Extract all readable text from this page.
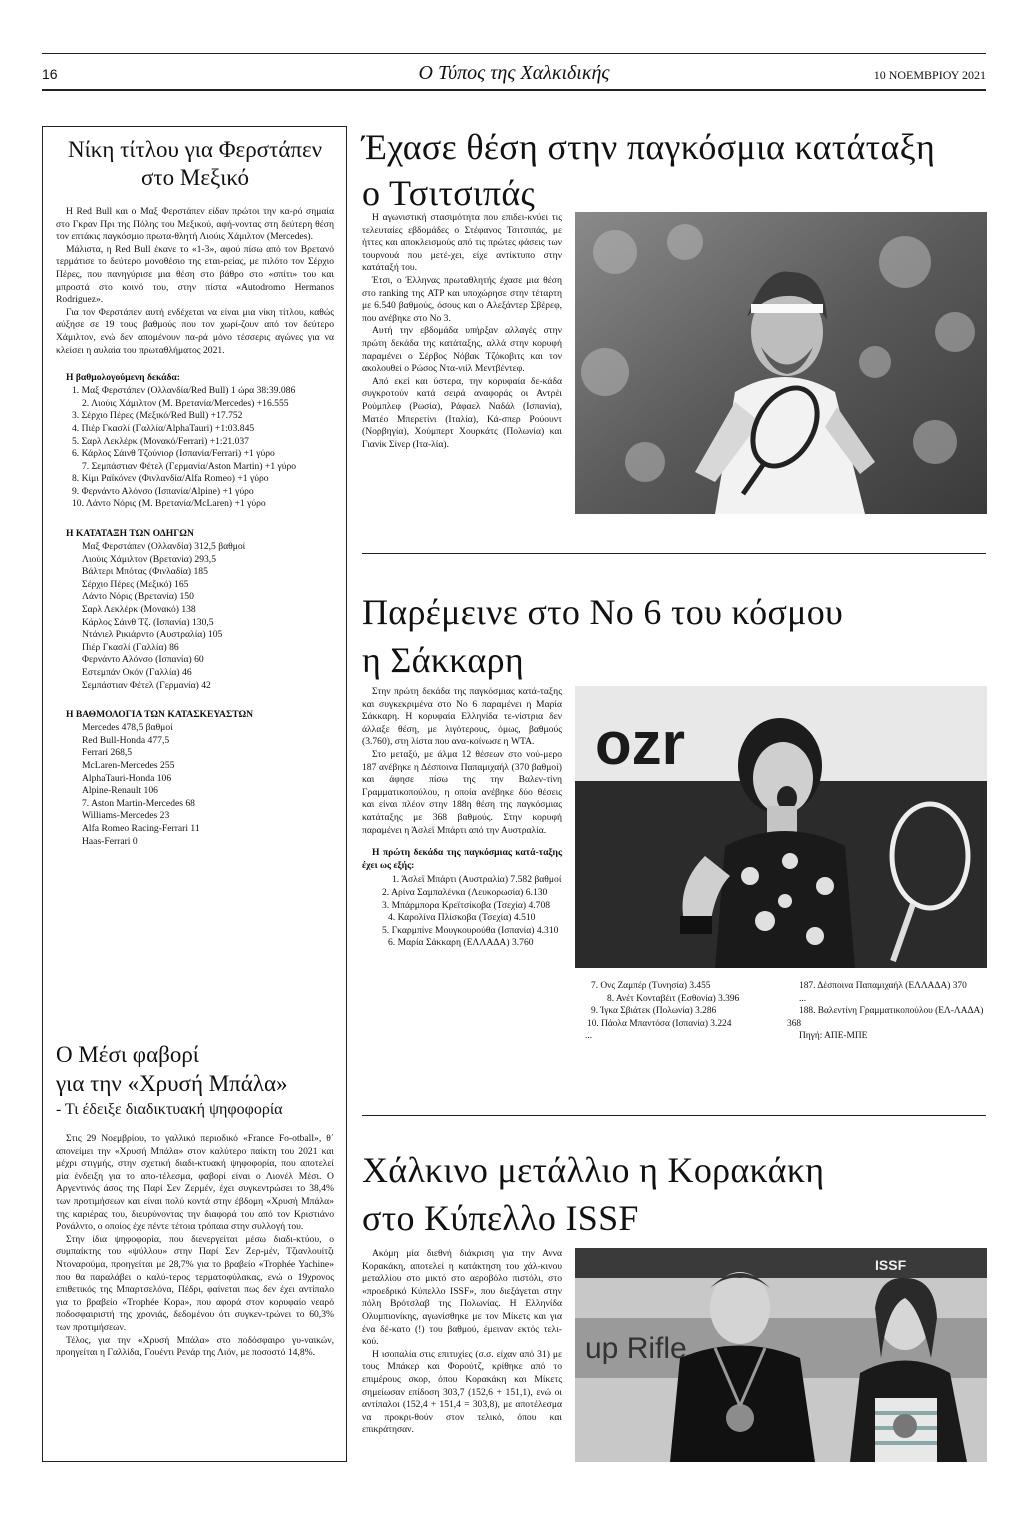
16	Ο Τύπος της Χαλκιδικής	10 ΝΟΕΜΒΡΙΟΥ 2021
Νίκη τίτλου για Φερστάπεν
στο Μεξικό

Η Red Bull και ο Μαξ Φερστάπεν είδαν πρώτοι την κα-ρό σημαία στο Γκραν Πρι της Πόλης του Μεξικού, αφή-νοντας στη δεύτερη θέση τον επτάκις παγκόσμιο πρωτα-θλητή Λιούις Χάμιλτον (Mercedes).

Μάλιστα, η Red Bull έκανε το «1-3», αφού πίσω από τον Βρετανό τερμάτισε το δεύτερο μονοθέσιο της εται-ρείας, με πιλότο τον Σέρχιο Πέρες, που πανηγύρισε μια θέση στο βάθρο στο «σπίτι» του και μπροστά στο κοινό του, στην πίστα «Autodromo Hermanos Rodriguez».

Για τον Φερστάπεν αυτή ενδέχεται να είναι μια νίκη τίτλου, καθώς αύξησε σε 19 τους βαθμούς που τον χωρί-ζουν από τον δεύτερο Χάμιλτον, ενώ δεν απομένουν πα-ρά μόνο τέσσερις αγώνες για να κλείσει η αυλαία του πρωταθλήματος 2021.

Η βαθμολογούμενη δεκάδα:

1. Μαξ Φερστάπεν (Ολλανδία/Red Bull) 1 ώρα 38:39.086

2. Λιούις Χάμιλτον (Μ. Βρετανία/Mercedes) +16.555

3. Σέρχιο Πέρες (Μεξικό/Red Bull) +17.752

4. Πιέρ Γκασλί (Γαλλία/AlphaTauri) +1:03.845

5. Σαρλ Λεκλέρκ (Μονακό/Ferrari) +1:21.037

6. Κάρλος Σάινθ Τζούνιορ (Ισπανία/Ferrari) +1 γύρο

7. Σεμπάστιαν Φέτελ (Γερμανία/Aston Martin) +1 γύρο

8. Κίμι Ραϊκόνεν (Φινλανδία/Alfa Romeo) +1 γύρο

9. Φερνάντο Αλόνσο (Ισπανία/Alpine) +1 γύρο

10. Λάντο Νόρις (Μ. Βρετανία/McLaren) +1 γύρο

Η ΚΑΤΑΤΑΞΗ ΤΩΝ ΟΔΗΓΩΝ

Μαξ Φερστάπεν (Ολλανδία) 312,5 βαθμοί

Λιούις Χάμιλτον (Βρετανία) 293,5

Βάλτερι Μπότας (Φινλαδία) 185

Σέρχιο Πέρες (Μεξικό) 165

Λάντο Νόρις (Βρετανία) 150

Σαρλ Λεκλέρκ (Μονακό) 138

Κάρλος Σάινθ Τζ. (Ισπανία) 130,5

Ντάνιελ Ρικιάρντο (Αυστραλία) 105

Πιέρ Γκασλί (Γαλλία) 86

Φερνάντο Αλόνσο (Ισπανία) 60

Εστεμπάν Οκόν (Γαλλία) 46

Σεμπάστιαν Φέτελ (Γερμανία) 42

Η ΒΑΘΜΟΛΟΓΙΑ ΤΩΝ ΚΑΤΑΣΚΕΥΑΣΤΩΝ

Mercedes 478,5 βαθμοί

Red Bull-Honda 477,5

Ferrari 268,5

McLaren-Mercedes 255

AlphaTauri-Honda 106

Alpine-Renault 106

7. Aston Martin-Mercedes 68

Williams-Mercedes 23

Alfa Romeo Racing-Ferrari 11

Haas-Ferrari 0

Ο Μέσι φαβορί
για την «Χρυσή Μπάλα»
- Τι έδειξε διαδικτυακή ψηφοφορία

Στις 29 Νοεμβρίου, το γαλλικό περιοδικό «France Fo-otball», θ΄ απονείμει την «Χρυσή Μπάλα» στον καλύτερο παίκτη του 2021 και μέχρι στιγμής, στην σχετική διαδι-κτυακή ψηφοφορία, που αποτελεί μία ένδειξη για το απο-τέλεσμα, φαβορί είναι ο Λιονέλ Μέσι. Ο Αργεντινός άσος της Παρί Σεν Ζερμέν, έχει συγκεντρώσει το 38,4% των προτιμήσεων και είναι πολύ κοντά στην έβδομη «Χρυσή Μπάλα» της καριέρας του, διευρύνοντας την διαφορά του από τον Κριστιάνο Ρονάλντο, ο οποίος έχε πέντε τέτοια τρόπαια στην συλλογή του.

Στην ίδια ψηφοφορία, που διενεργείται μέσω διαδι-κτύου, ο συμπαίκτης του «ψύλλου» στην Παρί Σεν Ζερ-μέν, Τζιανλουίτζι Ντοναρούμα, προηγείται με 28,7% για το βραβείο «Trophée Yachine» που θα παραλάβει ο καλύ-τερος τερματοφύλακας, ενώ ο 19χρονος επιθετικός της Μπαρτσελόνα, Πέδρι, φαίνεται πως δεν έχει αντίπαλο για το βραβείο «Trophée Kopa», που αφορά στον κορυφαίο νεαρό ποδοσφαιριστή της χρονιάς, δεδομένου ότι συγκεν-τρώνει το 60,3% των προτιμήσεων.

Τέλος, για την «Χρυσή Μπάλα» στο ποδόσφαιρο γυ-ναικών, προηγείται η Γαλλίδα, Γουέντι Ρενάρ της Λιόν, με ποσοστό 14,8%.

Έχασε θέση στην παγκόσμια κατάταξη
ο Τσιτσιπάς

Η αγωνιστική στασιμότητα που επιδει-κνύει τις τελευταίες εβδομάδες ο Στέφανος Τσιτσιπάς, με ήττες και αποκλεισμούς από τις πρώτες φάσεις των τουρνουά που μετέ-χει, είχε αντίκτυπο στην κατάταξή του.

Έτσι, ο Έλληνας πρωταθλητής έχασε μια θέση στο ranking της ATP και υποχώρησε στην τέταρτη με 6.540 βαθμούς, όσους και ο Αλεξάντερ Σβέρεφ, που ανέβηκε στο Νο 3.

Αυτή την εβδομάδα υπήρξαν αλλαγές στην πρώτη δεκάδα της κατάταξης, αλλά στην κορυφή παραμένει ο Σέρβος Νόβακ Τζόκοβιτς και τον ακολουθεί ο Ρώσος Ντα-νιίλ Μεντβέντεφ.

Από εκεί και ύστερα, την κορυφαία δε-κάδα συγκροτούν κατά σειρά αναφοράς οι Αντρέι Ρούμπλεφ (Ρωσία), Ράφαελ Ναδάλ (Ισπανία), Ματέο Μπερετίνι (Ιταλία), Κά-σπερ Ρούουντ (Νορβηγία), Χούμπερτ Χουρκάτς (Πολωνία) και Γιανίκ Σίνερ (Ιτα-λία).

Παρέμεινε στο Νο 6 του κόσμου
η Σάκκαρη

Στην πρώτη δεκάδα της παγκόσμιας κατά-ταξης και συγκεκριμένα στο Νο 6 παραμένει η Μαρία Σάκκαρη. Η κορυφαία Ελληνίδα τε-νίστρια δεν άλλαξε θέση, με λιγότερους, όμως, βαθμούς (3.760), στη λίστα που ανα-κοίνωσε η WTA.

Στο μεταξύ, με άλμα 12 θέσεων στο νού-μερο 187 ανέβηκε η Δέσποινα Παπαμιχαήλ (370 βαθμοί) και άφησε πίσω της την Βαλεν-τίνη Γραμματικοπούλου, η οποία ανέβηκε δύο θέσεις και είναι πλέον στην 188η θέση της παγκόσμιας κατάταξης με 368 βαθμούς. Στην κορυφή παραμένει η Άσλεϊ Μπάρτι από την Αυστραλία.

Η πρώτη δεκάδα της παγκόσμιας κατά-ταξης έχει ως εξής:

1. Άσλεϊ Μπάρτι (Αυστραλία) 7.582 βαθμοί

2. Αρίνα Σαμπαλένκα (Λευκορωσία) 6.130

3. Μπάρμπορα Κρεϊτσίκοβα (Τσεχία) 4.708

4. Καρολίνα Πλίσκοβα (Τσεχία) 4.510

5. Γκαρμπίνε Μουγκουρούθα (Ισπανία) 4.310

6. Μαρία Σάκκαρη (ΕΛΛΑΔΑ) 3.760

ozr

7. Ονς Ζαμπέρ (Τυνησία) 3.455

8. Ανέτ Κονταβέιτ (Εσθονία) 3.396

9. Ίγκα Σβιάτεκ (Πολωνία) 3.286

10. Πάολα Μπαντόσα (Ισπανία) 3.224

...

187. Δέσποινα Παπαμιχαήλ (ΕΛΛΑΔΑ) 370

...

188. Βαλεντίνη Γραμματικοπούλου (ΕΛ-ΛΑΔΑ) 368

Πηγή: ΑΠΕ-ΜΠΕ

Χάλκινο μετάλλιο η Κορακάκη
στο Κύπελλο ISSF

Ακόμη μία διεθνή διάκριση για την Αννα Κορακάκη, αποτελεί η κατάκτηση του χάλ-κινου μεταλλίου στο μικτό στο αεροβόλο πιστόλι, στο «προεδρικό Κύπελλο ISSF», που διεξάγεται στην πόλη Βρότσλαβ της Πολωνίας. Η Ελληνίδα Ολυμπιονίκης, αγωνίσθηκε με τον Μίκετς και για ένα δέ-κατο (!) του βαθμού, έμειναν εκτός τελι-κού.

Η ισοπαλία στις επιτυχίες (σ.σ. είχαν από 31) με τους Μπάκερ και Φορούτζ, κρίθηκε από το επιμέρους σκορ, όπου Κορακάκη και Μίκετς σημείωσαν επίδοση 303,7 (152,6 + 151,1), ενώ οι αντίπαλοι (152,4 + 151,4 = 303,8), με αποτέλεσμα να προκρι-θούν στον τελικό, όπου και επικράτησαν.

ISSF
up Rifle
